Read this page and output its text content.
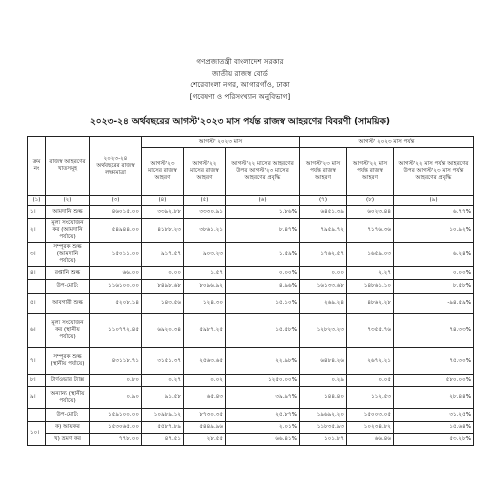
গণপ্রজাতন্ত্রী বাংলাদেশ সরকার
জাতীয় রাজস্ব বোর্ড
শেরেবাংলা নগর, আগারগাঁও, ঢাকা
[গবেষণা ও পরিসংখ্যান অনুবিভাগ]
২০২৩-২৪ অর্থবছরের আগস্ট'২০২৩ মাস পর্যন্ত রাজস্ব আহরণের বিবরণী (সাময়িক)
ক্রম নং	রাজস্ব আহরণের খাতসমূহ	২০২৩-২৪ অর্থবছরের রাজস্ব লক্ষ্যমাত্রা	আগস্ট' ২০২৩ মাস			আগস্ট' ২০২৩ মাস পর্যন্ত		
			আগস্ট'২৩ মাসের রাজস্ব আহরণ	আগস্ট'২২ মাসের রাজস্ব আহরণ	আগস্ট'২২ মাসের আহরণের উপর আগস্ট'২৩ মাসের আহরণের প্রবৃদ্ধি	আগস্ট'২৩ মাস পর্যন্ত রাজস্ব আহরণ	আগস্ট'২২ মাস পর্যন্ত রাজস্ব আহরণ	আগস্ট'২২ মাস পর্যন্ত আহরণের উপর আগস্ট'২৩ মাস পর্যন্ত আহরণের প্রবৃদ্ধি
(১)	(২)	(৩)	(৪)	(৫)	(৬)	(৭)	(৮)	(৯)
১।	আমদানি শুল্ক	৪৬০১৫.০০	৩৩৯২.৮৮	৩৩৩০.৯১	১.৮৬%	৬৪৫১.৩৯	৬০২৩.৪৪	৬.৭৭%
২।	মূল্য সংযোজন কর (আমদানি পর্যায়ে)	৫৪৯৪৪.০০	৪১৮৮.২৩	৩৮৬১.২১	৮.৪৭%	৭৯৫৯.৭২	৭১৭৬.৩৬	১০.৯২%
৩।	সম্পূরক শুল্ক (আমদানি পর্যায়ে)	১৫০১১.০০	৯১৭.৫৭	৯০৩.২৩	১.৫৯%	১৭৬২.৫৭	১৬৫৯.০৩	৬.২৪%
৪।	রপ্তানি শুল্ক	৬৬.০০	০.০০	১.৫৭	০.০০%	০.০০	২.২৭	০.০০%
	উপ-মোট:	১১৬১০০.০০	৮৪৯৮.৬৮	৮০৯৬.৯২	৪.৯৬%	১৬১৩৩.৬৮	১৪৮৬১.১০	৮.৫৮%
৫।	আবগারী শুল্ক	৫২০৮.১৪	১৪৩.৫৬	১২৪.৩০	১৫.১০%	২৬৯.২৪	৪৮৬২.২৮	-৯৪.৫৯%
৬।	মূল্য সংযোজন কর (স্থানীয় পর্যায়ে)	১১০৭৭২.৪৫	৬৯২০.৩৪	৫৯৮৭.২৫	১৫.৫৮%	১২৮২৩.২৩	৭৩৫৫.৭৬	৭৪.৩৩%
৭।	সম্পূরক শুল্ক (স্থানীয় পর্যায়ে)	৪৩১১৮.৭১	৩১৫১.৩৭	২৫৬৩.৬৫	২২.৯৮%	৬৪৮৪.২৬	২৬৭২.২১	৭৫.৩০%
৮।	টার্ণওভার ট্যাক্স	০.৮০	০.২৭	০.০২	১২৫০.০০%	০.২৯	০.০৫	৫৮০.০০%
৯।	অন্যান্য (স্থানীয় পর্যায়ে)	০.৯০	৯১.৫৮	৬৫.৪৩	৩৯.৯৭%	১৪৪.৪০	১১২.৫৩	২৮.৪৪%
	উপ-মোট:	১৫৯১০০.০০	১০৯৮৯.১২	৮৭৩০.৩৫	২৫.৮৭%	১৯৬৯২.২০	১৫০০৩.০৫	৩১.২৫%
১০।	ক) আয়কর	১৫৩০৬৫.০০	৫৫৮৭.৮৯	৫৪৪৯.৯৬	২.০১%	১১৮৩৫.৯৩	১০২৩৪.৮২	১৫.৬৪%
	খ) ভ্রমণ কর	৭৭৮.০০	৪৭.৫১	২৮.৫৫	৬৬.৪১%	১০১.৮৭	৬৬.৪৬	৫৩.২৮%
